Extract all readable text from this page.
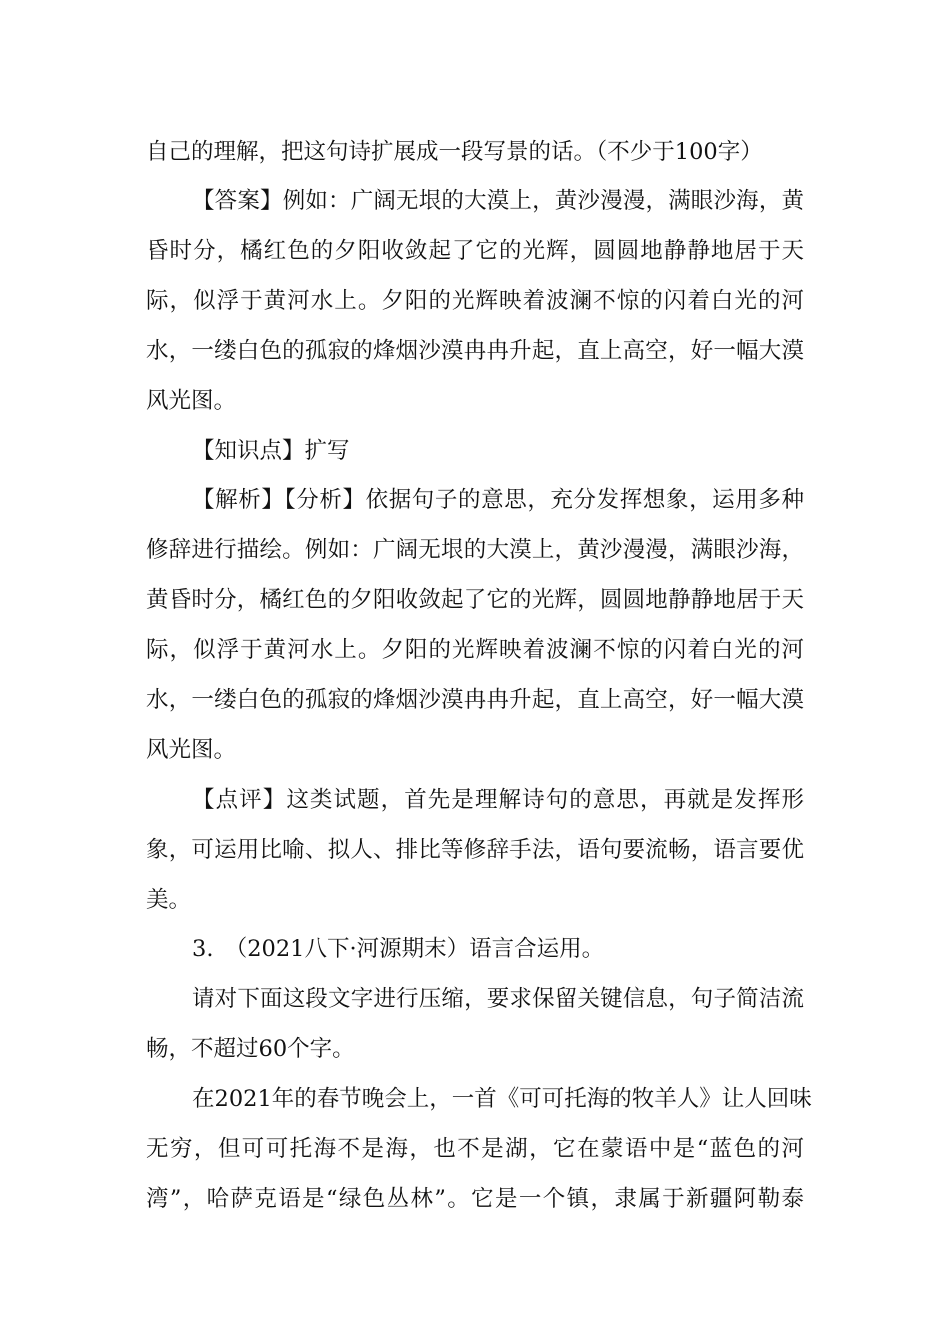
自己的理解，把这句诗扩展成一段写景的话。（不少于100字）
【答案】例如：广阔无垠的大漠上，黄沙漫漫，满眼沙海，黄
昏时分，橘红色的夕阳收敛起了它的光辉，圆圆地静静地居于天
际，似浮于黄河水上。夕阳的光辉映着波澜不惊的闪着白光的河
水，一缕白色的孤寂的烽烟沙漠冉冉升起，直上高空，好一幅大漠
风光图。
【知识点】扩写
【解析】【分析】依据句子的意思，充分发挥想象，运用多种
修辞进行描绘。例如：广阔无垠的大漠上，黄沙漫漫，满眼沙海，
黄昏时分，橘红色的夕阳收敛起了它的光辉，圆圆地静静地居于天
际，似浮于黄河水上。夕阳的光辉映着波澜不惊的闪着白光的河
水，一缕白色的孤寂的烽烟沙漠冉冉升起，直上高空，好一幅大漠
风光图。
【点评】这类试题，首先是理解诗句的意思，再就是发挥形
象，可运用比喻、拟人、排比等修辞手法，语句要流畅，语言要优
美。
3.　（2021八下·河源期末）语言合运用。
请对下面这段文字进行压缩，要求保留关键信息，句子简洁流
畅，不超过60个字。
在2021年的春节晚会上，一首《可可托海的牧羊人》让人回味
无穷，但可可托海不是海，也不是湖，它在蒙语中是“蓝色的河
湾”，哈萨克语是“绿色丛林”。它是一个镇，隶属于新疆阿勒泰
